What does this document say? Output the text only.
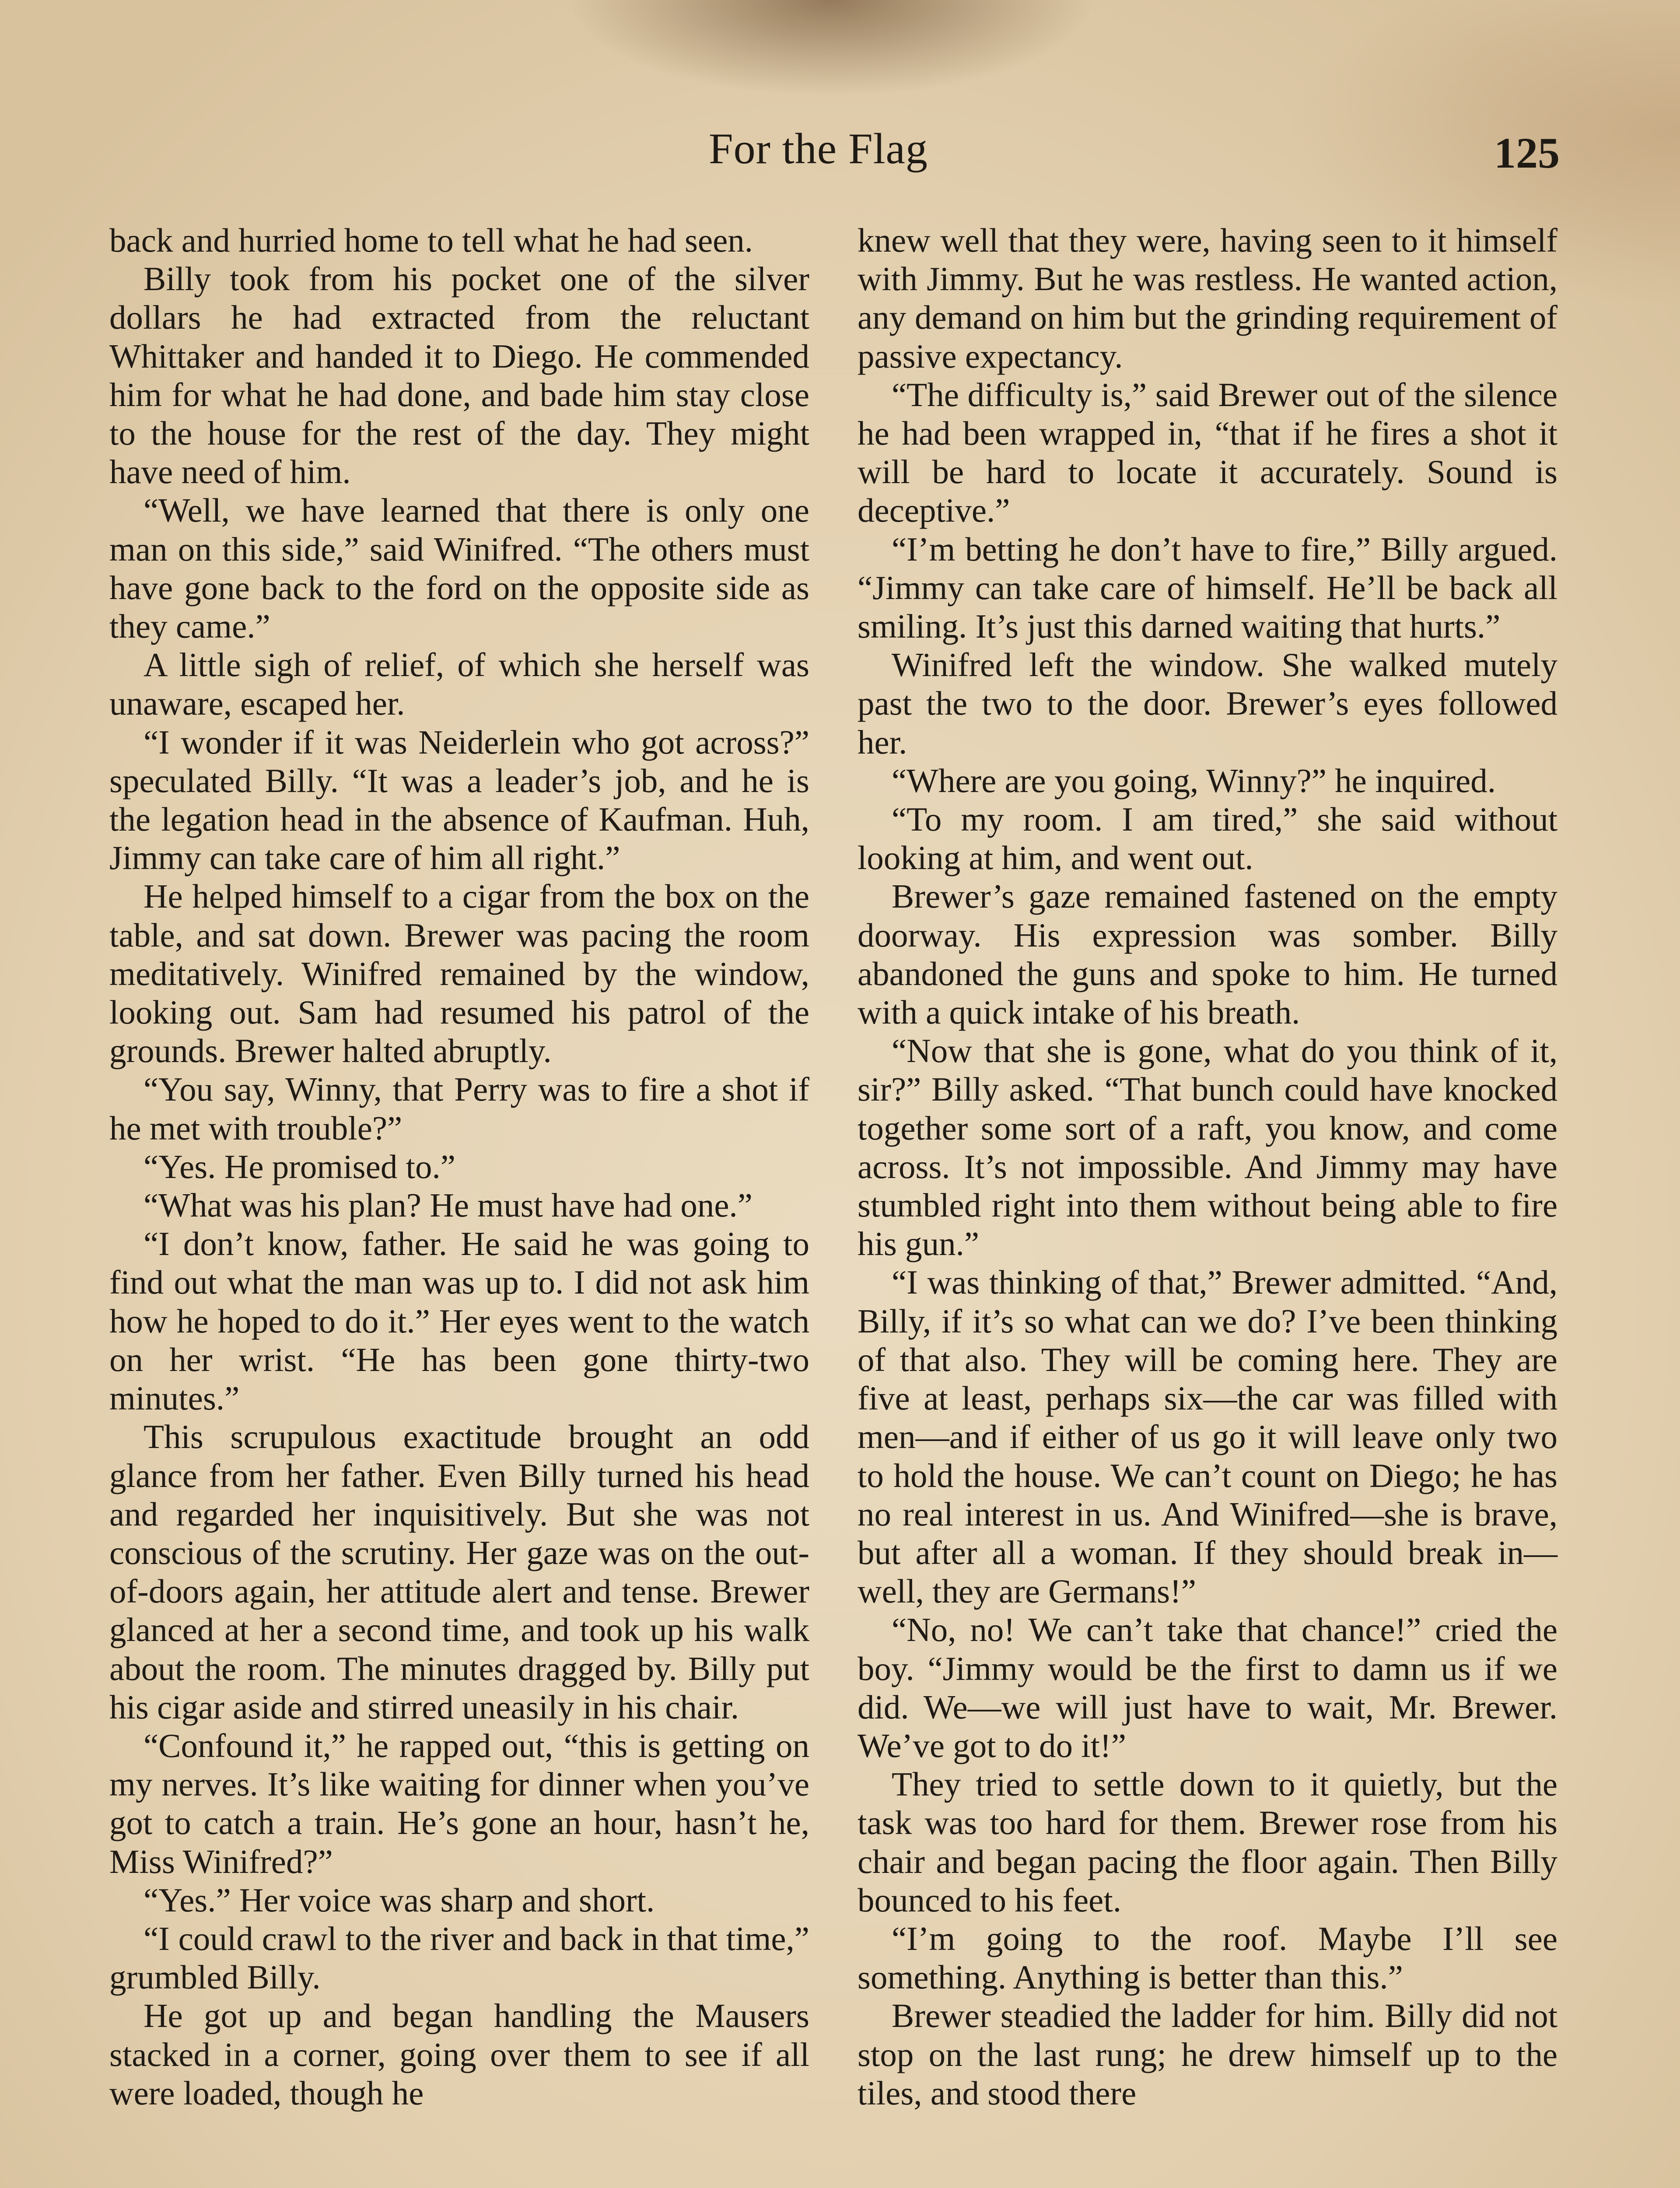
For the Flag	125

back and hurried home to tell what he had seen.

Billy took from his pocket one of the silver dollars he had extracted from the reluctant Whittaker and handed it to Diego. He commended him for what he had done, and bade him stay close to the house for the rest of the day. They might have need of him.

“Well, we have learned that there is only one man on this side,” said Winifred. “The others must have gone back to the ford on the opposite side as they came.”

A little sigh of relief, of which she herself was unaware, escaped her.

“I wonder if it was Neiderlein who got across?” speculated Billy. “It was a leader’s job, and he is the legation head in the absence of Kaufman. Huh, Jimmy can take care of him all right.”

He helped himself to a cigar from the box on the table, and sat down. Brewer was pacing the room meditatively. Winifred remained by the window, looking out. Sam had resumed his patrol of the grounds. Brewer halted abruptly.

“You say, Winny, that Perry was to fire a shot if he met with trouble?”

“Yes. He promised to.”

“What was his plan? He must have had one.”

“I don’t know, father. He said he was going to find out what the man was up to. I did not ask him how he hoped to do it.” Her eyes went to the watch on her wrist. “He has been gone thirty-two minutes.”

This scrupulous exactitude brought an odd glance from her father. Even Billy turned his head and regarded her inquisitively. But she was not conscious of the scrutiny. Her gaze was on the out-of-doors again, her attitude alert and tense. Brewer glanced at her a second time, and took up his walk about the room. The minutes dragged by. Billy put his cigar aside and stirred uneasily in his chair.

“Confound it,” he rapped out, “this is getting on my nerves. It’s like waiting for dinner when you’ve got to catch a train. He’s gone an hour, hasn’t he, Miss Winifred?”

“Yes.” Her voice was sharp and short.

“I could crawl to the river and back in that time,” grumbled Billy.

He got up and began handling the Mausers stacked in a corner, going over them to see if all were loaded, though he

knew well that they were, having seen to it himself with Jimmy. But he was restless. He wanted action, any demand on him but the grinding requirement of passive expectancy.

“The difficulty is,” said Brewer out of the silence he had been wrapped in, “that if he fires a shot it will be hard to locate it accurately. Sound is deceptive.”

“I’m betting he don’t have to fire,” Billy argued. “Jimmy can take care of himself. He’ll be back all smiling. It’s just this darned waiting that hurts.”

Winifred left the window. She walked mutely past the two to the door. Brewer’s eyes followed her.

“Where are you going, Winny?” he inquired.

“To my room. I am tired,” she said without looking at him, and went out.

Brewer’s gaze remained fastened on the empty doorway. His expression was somber. Billy abandoned the guns and spoke to him. He turned with a quick intake of his breath.

“Now that she is gone, what do you think of it, sir?” Billy asked. “That bunch could have knocked together some sort of a raft, you know, and come across. It’s not impossible. And Jimmy may have stumbled right into them without being able to fire his gun.”

“I was thinking of that,” Brewer admitted. “And, Billy, if it’s so what can we do? I’ve been thinking of that also. They will be coming here. They are five at least, perhaps six—the car was filled with men—and if either of us go it will leave only two to hold the house. We can’t count on Diego; he has no real interest in us. And Winifred—she is brave, but after all a woman. If they should break in—well, they are Germans!”

“No, no! We can’t take that chance!” cried the boy. “Jimmy would be the first to damn us if we did. We—we will just have to wait, Mr. Brewer. We’ve got to do it!”

They tried to settle down to it quietly, but the task was too hard for them. Brewer rose from his chair and began pacing the floor again. Then Billy bounced to his feet.

“I’m going to the roof. Maybe I’ll see something. Anything is better than this.”

Brewer steadied the ladder for him. Billy did not stop on the last rung; he drew himself up to the tiles, and stood there
